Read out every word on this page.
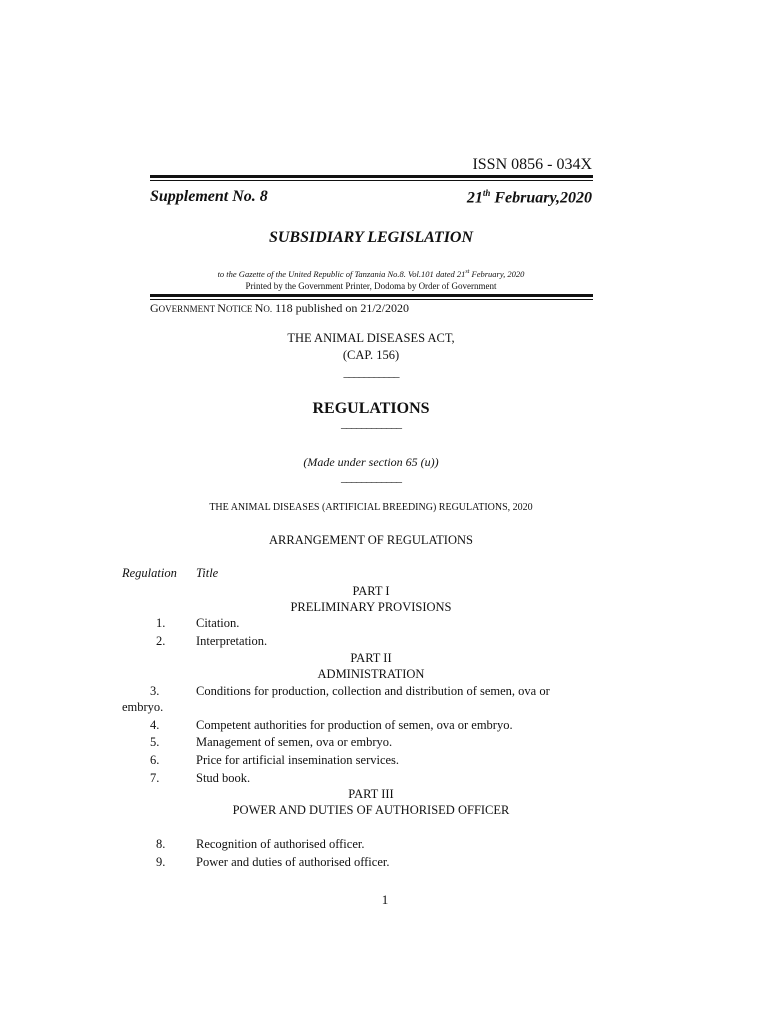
ISSN 0856 - 034X
Supplement No. 8	21th February,2020
SUBSIDIARY LEGISLATION
to the Gazette of the United Republic of Tanzania No.8. Vol.101 dated 21st February, 2020
Printed by the Government Printer, Dodoma by Order of Government
GOVERNMENT NOTICE NO. 118 published on 21/2/2020
THE ANIMAL DISEASES ACT,
(CAP. 156)
___________
REGULATIONS
____________
(Made under section 65 (u))
____________
THE ANIMAL DISEASES (ARTIFICIAL BREEDING) REGULATIONS, 2020
ARRANGEMENT OF REGULATIONS
Regulation Title
PART I
PRELIMINARY PROVISIONS
1. Citation.
2. Interpretation.
PART II
ADMINISTRATION
3.	Conditions for production, collection and distribution of semen, ova or
embryo.
4.	Competent authorities for production of semen, ova or embryo.
5.	Management of semen, ova or embryo.
6.	Price for artificial insemination services.
7.	Stud book.
PART III
POWER AND DUTIES OF AUTHORISED OFFICER
8. Recognition of authorised officer.
9. Power and duties of authorised officer.
1
